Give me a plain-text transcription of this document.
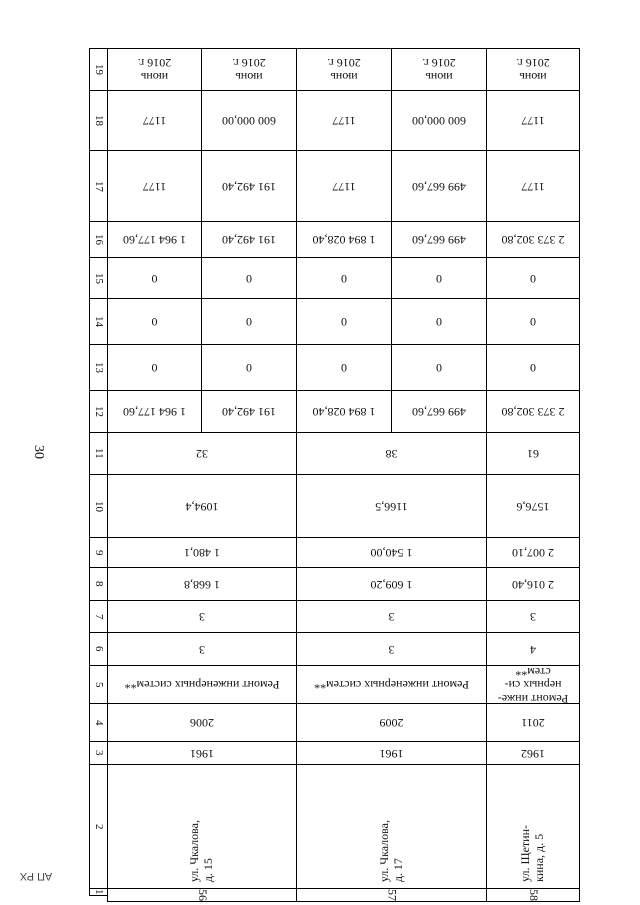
30
АП РХ
1
2
3
4
5
6
7
8
9
10
11
12
13
14
15
16
17
18
19
ул. Чкалова,
д. 15
56
1961
2006
Ремонт инженерных систем**
3
3
1 668,8
1 480,1
1094,4
32
1 964 177,60
0
0
0
1 964 177,60
1177
1177
июнь
2016 г.
191 492,40
0
0
0
191 492,40
191 492,40
600 000,00
июнь
2016 г.
ул. Чкалова,
д. 17
57
1961
2009
Ремонт инженерных систем**
3
3
1 609,20
1 540,00
1166,5
38
1 894 028,40
0
0
0
1 894 028,40
1177
1177
июнь
2016 г.
499 667,60
0
0
0
499 667,60
499 667,60
600 000,00
июнь
2016 г.
ул. Щетин-
кина, д. 5
58
1962
2011
Ремонт инже-
нерных си-
стем**
4
3
2 016,40
2 007,10
1576,6
61
2 373 302,80
0
0
0
2 373 302,80
1177
1177
июнь
2016 г.
